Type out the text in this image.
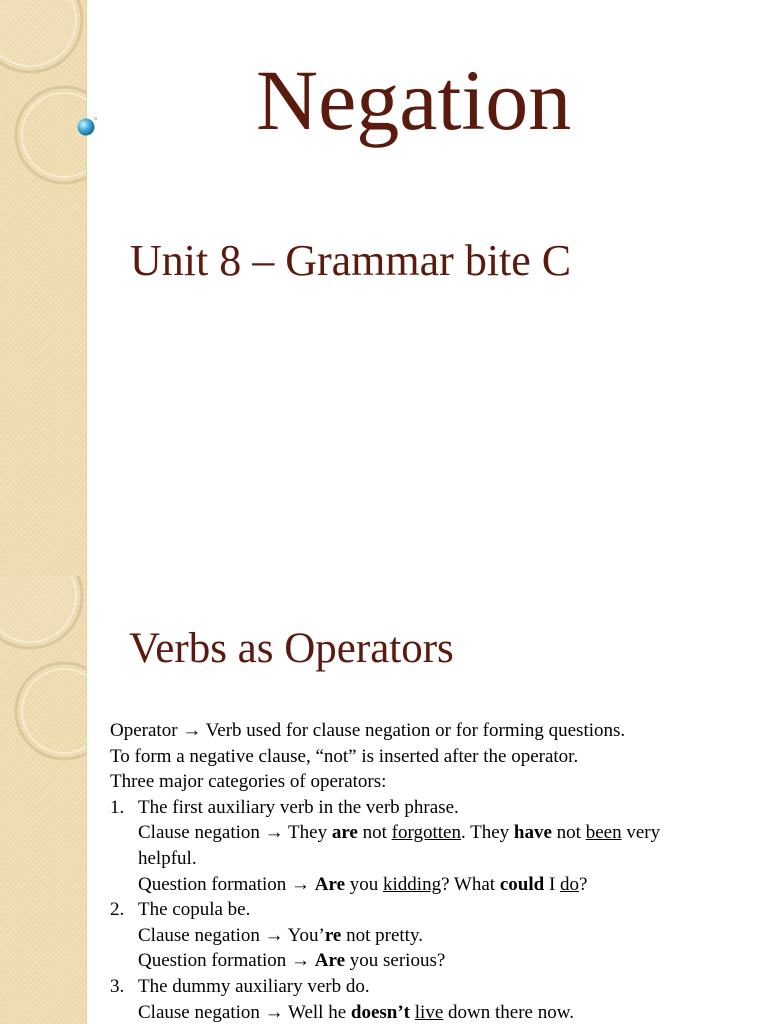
Negation
Unit 8 – Grammar bite C
Verbs as Operators
Operator → Verb used for clause negation or for forming questions.
To form a negative clause, “not” is inserted after the operator.
Three major categories of operators:
1. The first auxiliary verb in the verb phrase.
Clause negation → They are not forgotten. They have not been very
helpful.
Question formation → Are you kidding? What could I do?
2. The copula be.
Clause negation → You’re not pretty.
Question formation → Are you serious?
3. The dummy auxiliary verb do.
Clause negation → Well he doesn’t live down there now.
